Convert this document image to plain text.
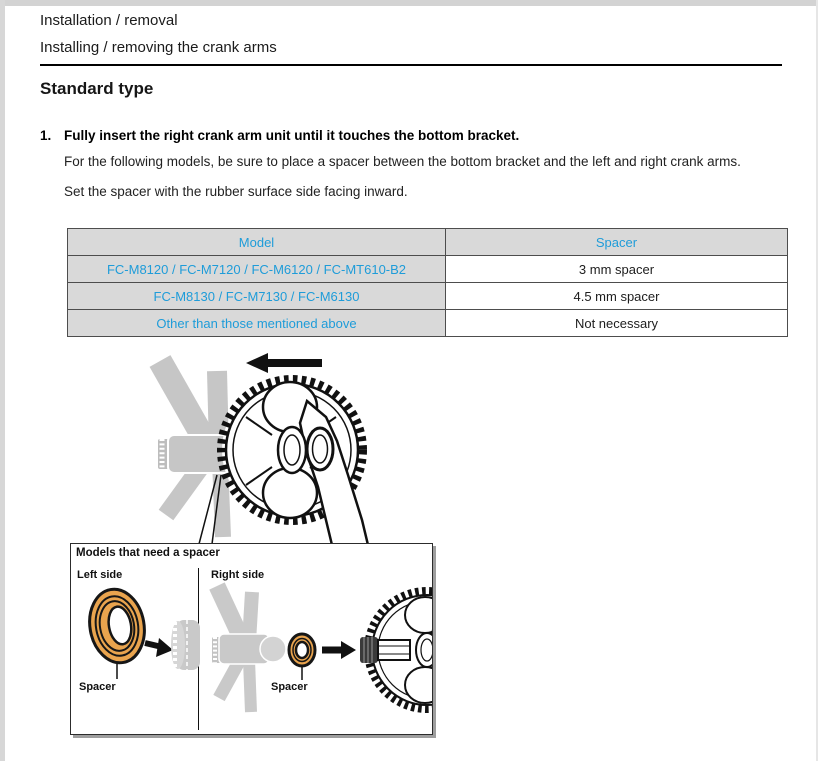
Installation / removal
Installing / removing the crank arms
Standard type
1. Fully insert the right crank arm unit until it touches the bottom bracket.

For the following models, be sure to place a spacer between the bottom bracket and the left and right crank arms.

Set the spacer with the rubber surface side facing inward.

Model	Spacer
FC-M8120 / FC-M7120 / FC-M6120 / FC-MT610-B2	3 mm spacer
FC-M8130 / FC-M7130 / FC-M6130	4.5 mm spacer
Other than those mentioned above	Not necessary
Models that need a spacer
Left side	Right side
Spacer	Spacer
